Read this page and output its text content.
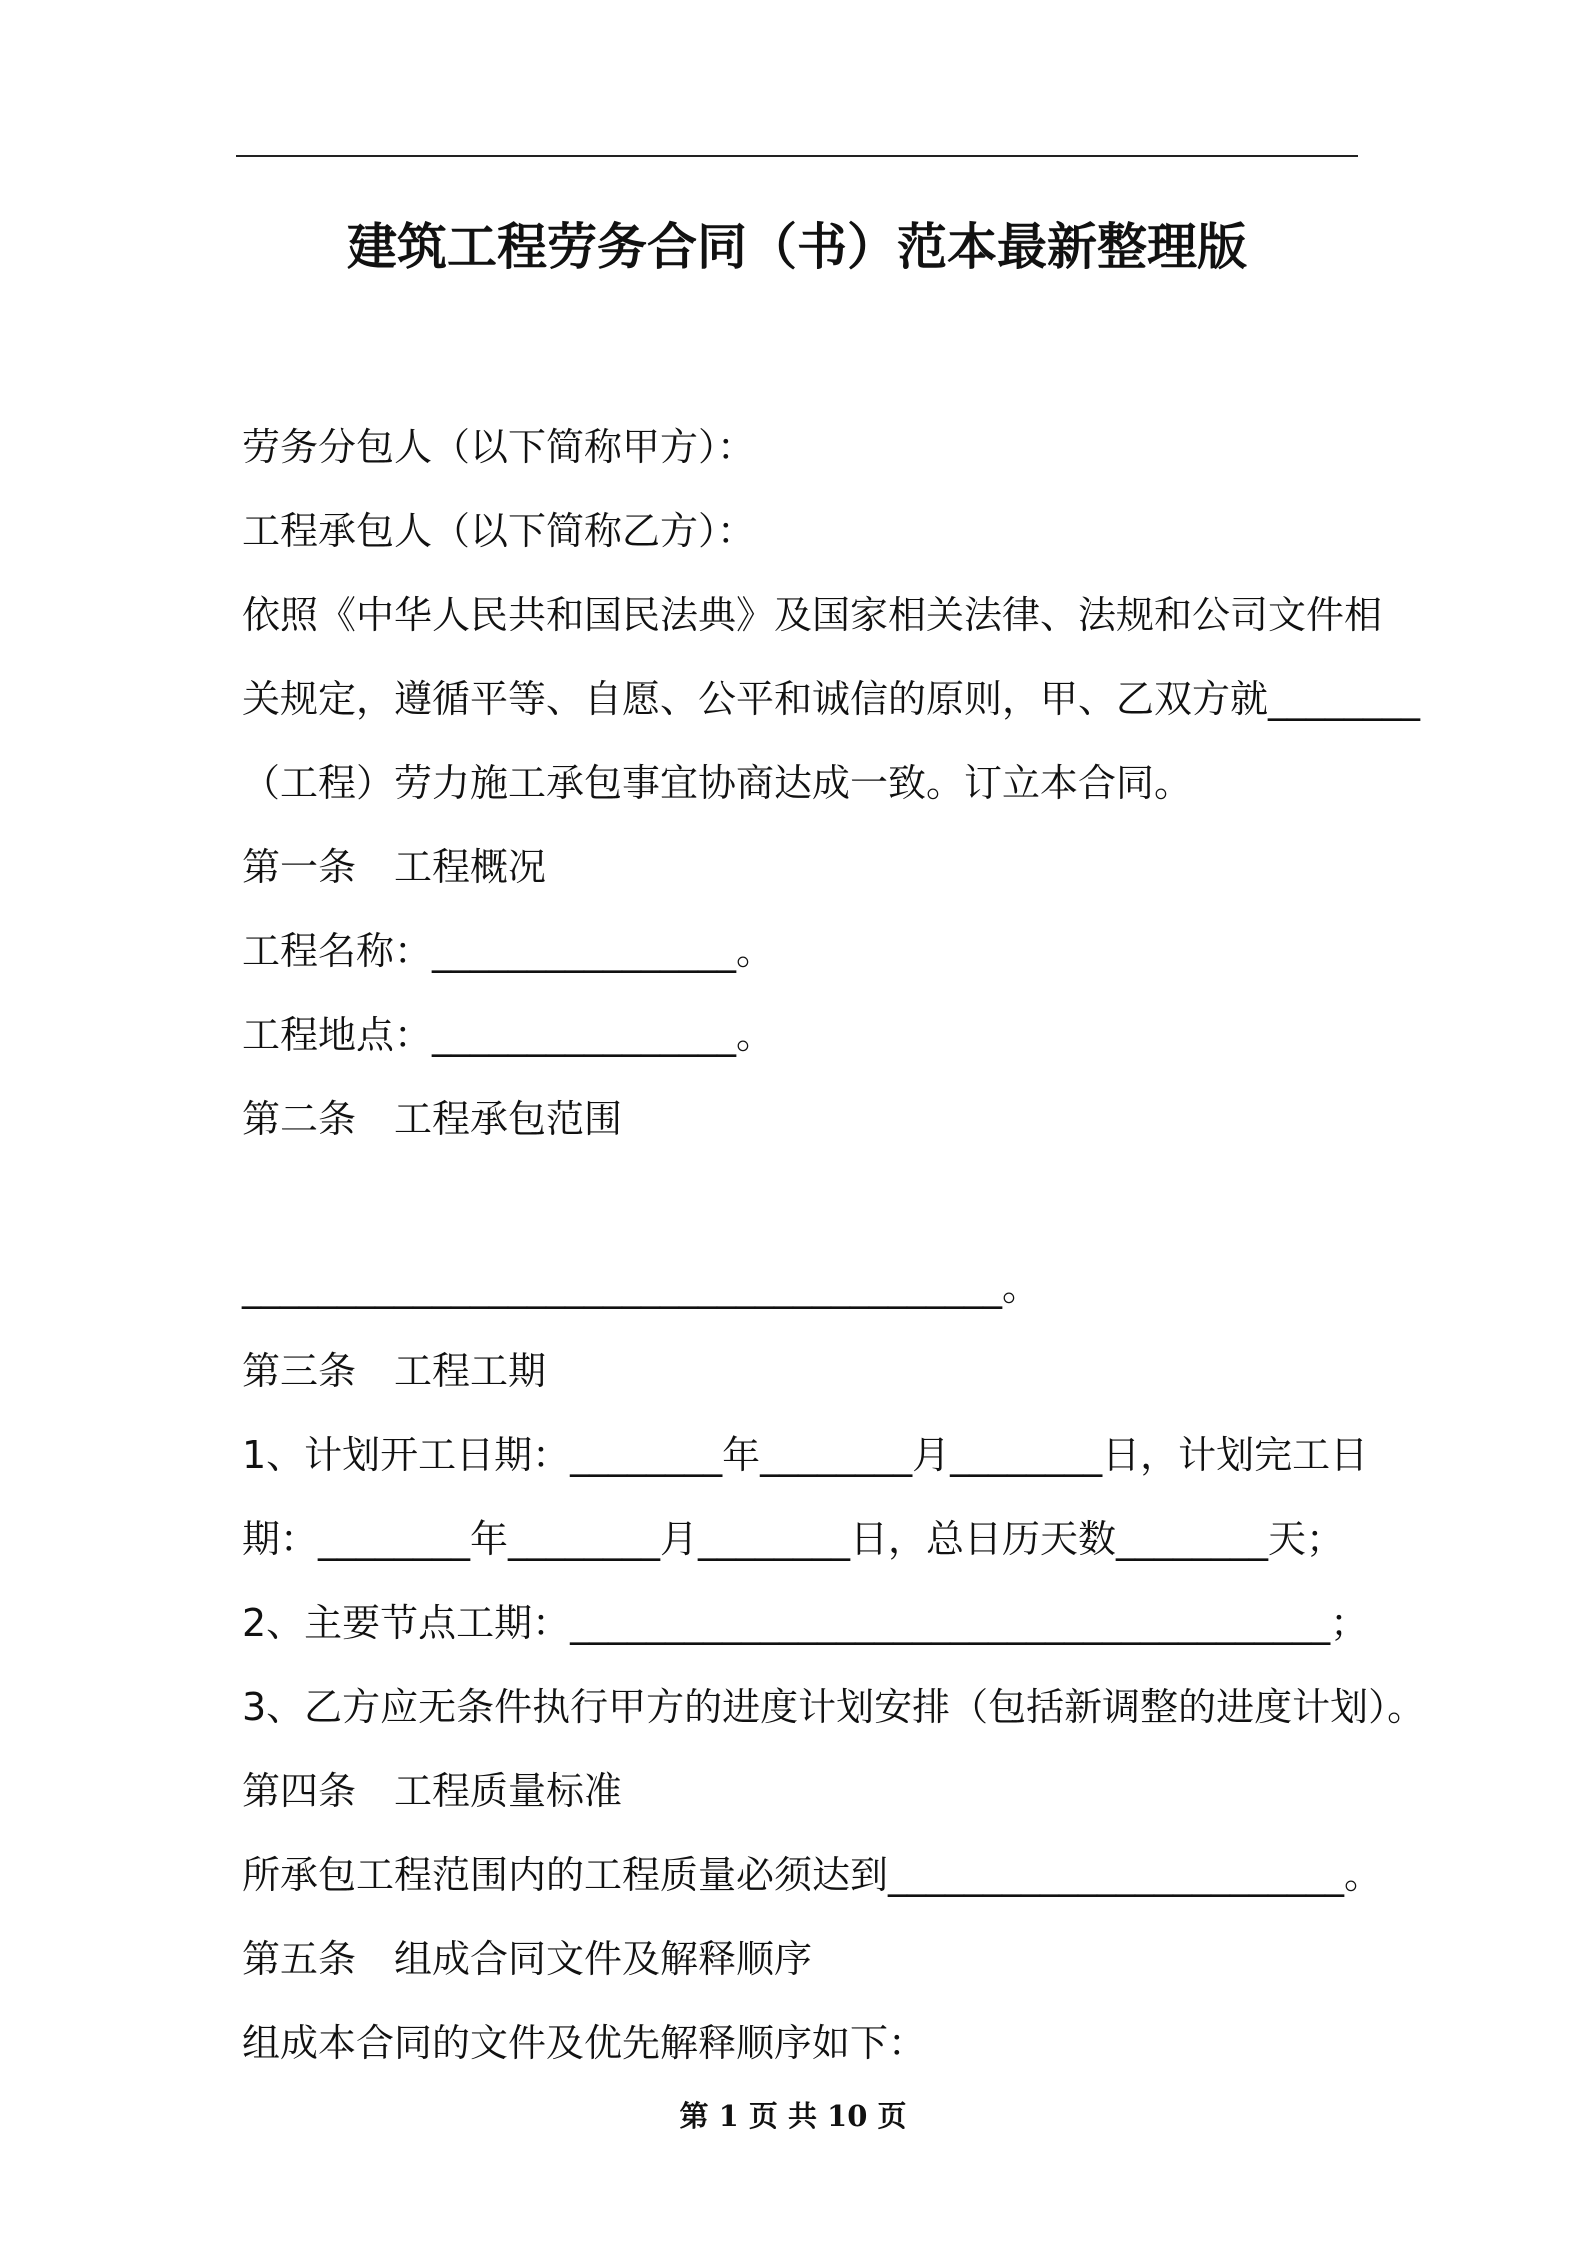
建筑工程劳务合同（书）范本最新整理版
劳务分包人（以下简称甲方）：
工程承包人（以下简称乙方）：
依照《中华人民共和国民法典》及国家相关法律、法规和公司文件相
关规定，遵循平等、自愿、公平和诚信的原则，甲、乙双方就________
（工程）劳力施工承包事宜协商达成一致。订立本合同。
第一条　工程概况
工程名称：________________。
工程地点：________________。
第二条　工程承包范围
________________________________________。
第三条　工程工期
1、计划开工日期：________年________月________日，计划完工日
期：________年________月________日，总日历天数________天；
2、主要节点工期：________________________________________；
3、乙方应无条件执行甲方的进度计划安排（包括新调整的进度计划）。
第四条　工程质量标准
所承包工程范围内的工程质量必须达到________________________。
第五条　组成合同文件及解释顺序
组成本合同的文件及优先解释顺序如下：
第 1 页 共 10 页
